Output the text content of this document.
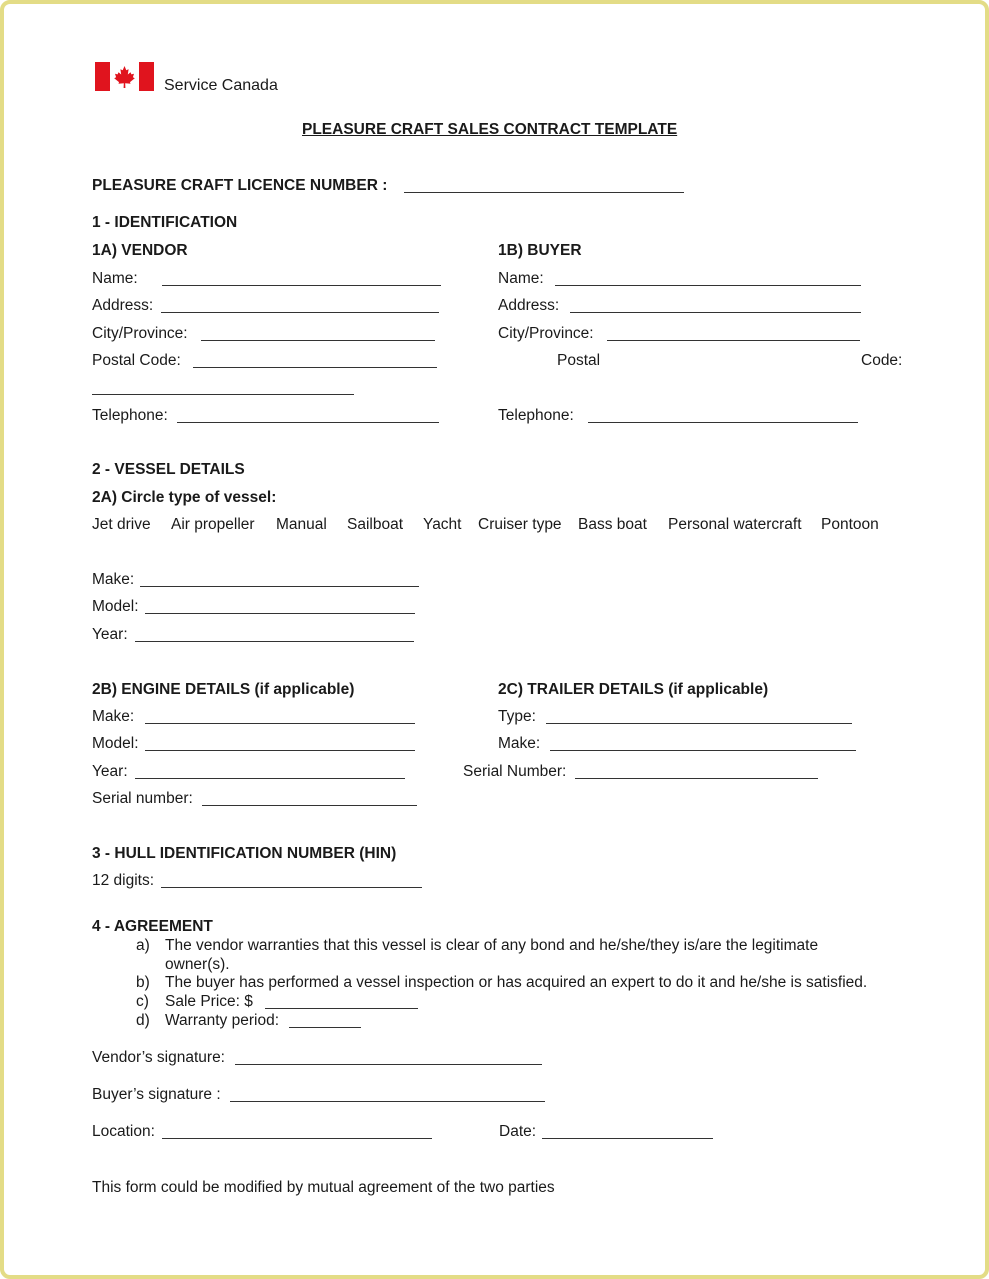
Service Canada
PLEASURE CRAFT SALES CONTRACT TEMPLATE
PLEASURE CRAFT LICENCE NUMBER :
1 - IDENTIFICATION
1A) VENDOR
Name:
Address:
City/Province:
Postal Code:
Telephone:
1B) BUYER
Name:
Address:
City/Province:
Postal	Code:
Telephone:
2 - VESSEL DETAILS
2A) Circle type of vessel:
Jet drive Air propeller Manual Sailboat Yacht Cruiser type Bass boat Personal watercraft Pontoon
Make:
Model:
Year:
2B) ENGINE DETAILS (if applicable)
Make:
Model:
Year:
Serial number:
2C) TRAILER DETAILS (if applicable)
Type:
Make:
Serial Number:
3 - HULL IDENTIFICATION NUMBER (HIN)
12 digits:
4 - AGREEMENT
a) The vendor warranties that this vessel is clear of any bond and he/she/they is/are the legitimate
owner(s).
b) The buyer has performed a vessel inspection or has acquired an expert to do it and he/she is satisfied.
c) Sale Price: $
d) Warranty period:
Vendor’s signature:
Buyer’s signature :
Location:	Date:
This form could be modified by mutual agreement of the two parties
